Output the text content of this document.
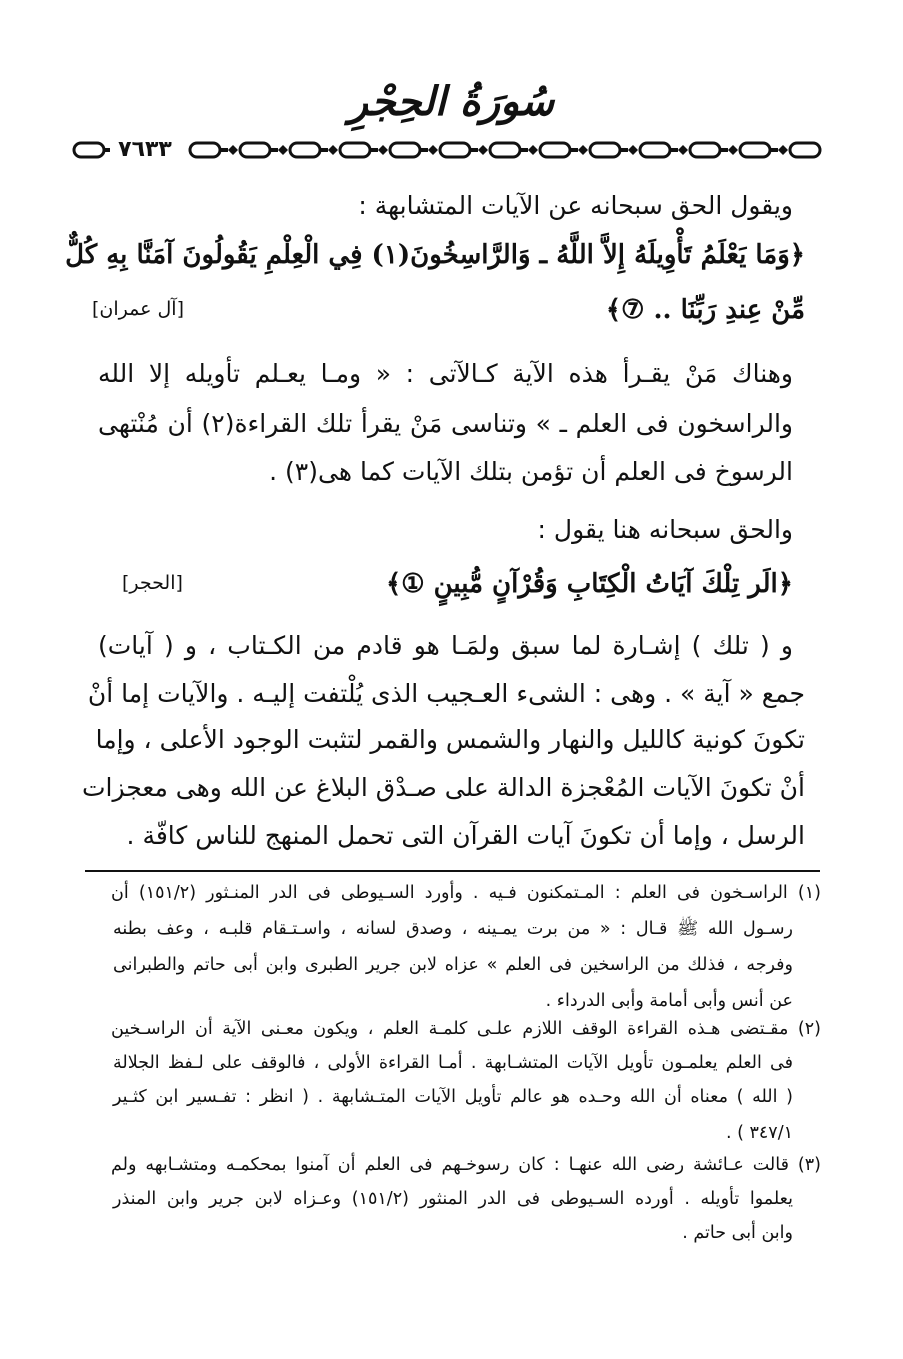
سُورَةُ الحِجْرِ
٧٦٣٣
ويقول الحق سبحانه عن الآيات المتشابهة :
﴿وَمَا يَعْلَمُ تَأْوِيلَهُ إِلاَّ اللَّهُ ـ وَالرَّاسِخُونَ(١) فِي الْعِلْمِ يَقُولُونَ آمَنَّا بِهِ كُلٌّ
مِّنْ عِندِ رَبِّنَا .. ⑦﴾
[آل عمران]
وهناك مَنْ يقـرأ هذه الآية كـالآتى : « ومـا يعـلم تأويله إلا الله
والراسخون فى العلم ـ » وتناسى مَنْ يقرأ تلك القراءة(٢) أن مُنْتهى
الرسوخ فى العلم أن تؤمن بتلك الآيات كما هى(٣) .
والحق سبحانه هنا يقول :
﴿الَر تِلْكَ آيَاتُ الْكِتَابِ وَقُرْآنٍ مُّبِينٍ ①﴾
[الحجر]
و ( تلك ) إشـارة لما سبق ولمَـا هو قادم من الكـتاب ، و ( آيات)
جمع « آية » . وهى : الشىء العـجيب الذى يُلْتفت إليـه . والآيات إما أنْ
تكونَ كونية كالليل والنهار والشمس والقمر لتثبت الوجود الأعلى ، وإما
أنْ تكونَ الآيات المُعْجزة الدالة على صـدْق البلاغ عن الله وهى معجزات
الرسل ، وإما أن تكونَ آيات القرآن التى تحمل المنهج للناس كافّة .
(١) الراسـخون فى العلم : المـتمكنون فـيه . وأورد السـيوطى فى الدر المنـثور (١٥١/٢) أن
رسـول الله ﷺ قـال : « من برت يمـينه ، وصدق لسانه ، واسـتـقام قلبـه ، وعف بطنه
وفرجه ، فذلك من الراسخين فى العلم » عزاه لابن جرير الطبرى وابن أبى حاتم والطبرانى
عن أنس وأبى أمامة وأبى الدرداء .
(٢) مقـتضى هـذه القراءة الوقف اللازم علـى كلمـة العلم ، ويكون معـنى الآية أن الراسـخين
فى العلم يعلمـون تأويل الآيات المتشـابهة . أمـا القراءة الأولى ، فالوقف على لـفظ الجلالة
( الله ) معناه أن الله وحـده هو عالم تأويل الآيات المتـشابهة . ( انظر : تفـسير ابن كثـير
٣٤٧/١ ) .
(٣) قالت عـائشة رضى الله عنهـا : كان رسوخـهم فى العلم أن آمنوا بمحكمـه ومتشـابهه ولم
يعلموا تأويله . أورده السـيوطى فى الدر المنثور (١٥١/٢) وعـزاه لابن جرير وابن المنذر
وابن أبى حاتم .
